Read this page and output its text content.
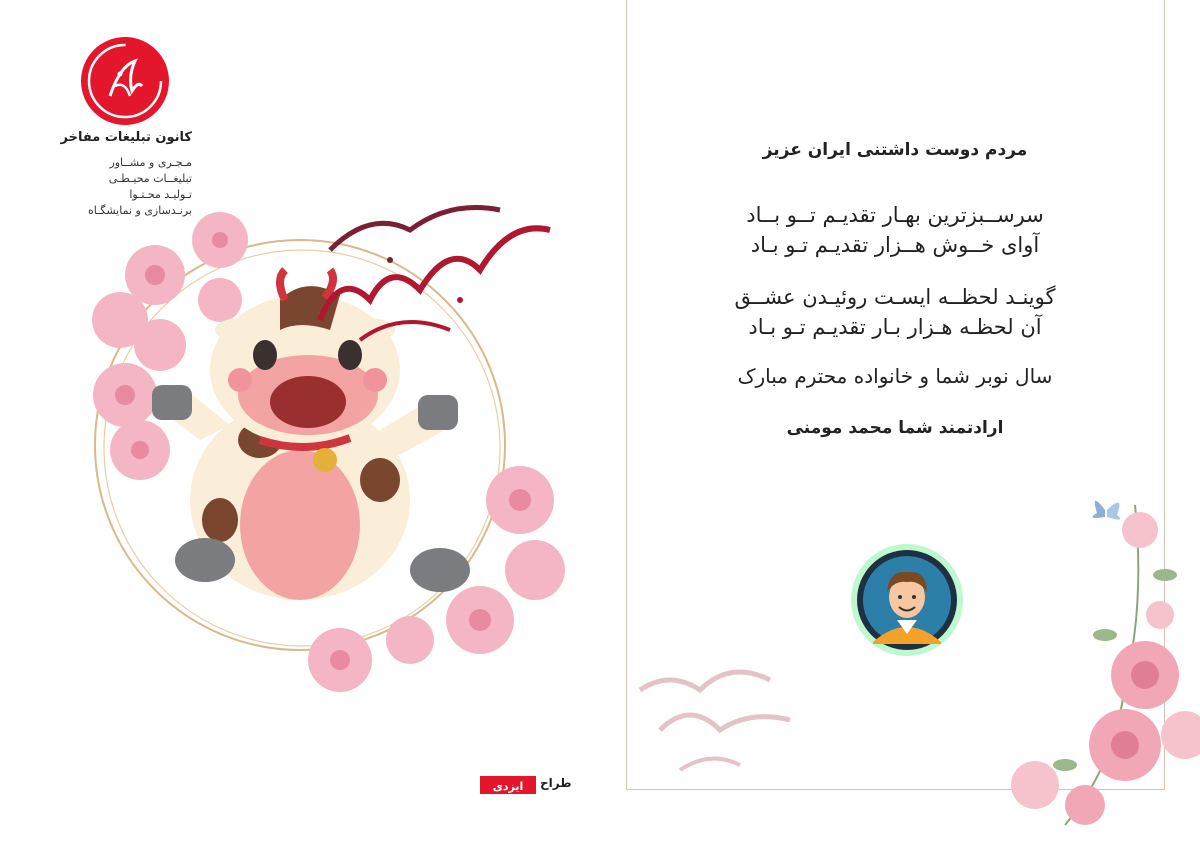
کانون تبلیغات مفاخر
مـجـری و مشــاور
تبلیغــات محیـطـی
تـولیـد محـتـوا
برنـدسازی و نمایشگـاه
مردم دوست داشتنی ایران عزیز
سرســبزترین بهـار تقدیـم تــو بــاد
آوای خــوش هــزار تقدیـم تـو بـاد
گوینـد لحظــه ایسـت روئیـدن عشــق
آن لحظـه هـزار بـار تقدیـم تـو بـاد
سال نوبر شما و خانواده محترم مبارک
ارادتمند شما محمد مومنی
طراح
ایزدی
